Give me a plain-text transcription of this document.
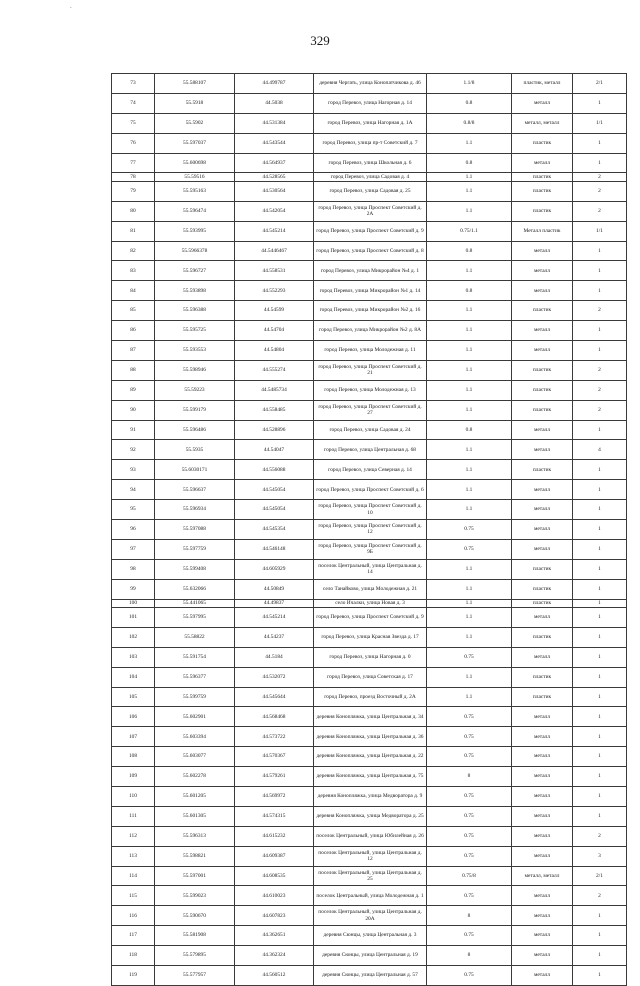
.
329
73	55.588107	44.499787	деревня Чергать, улица Конопатчикова д. 46	1.1/8	пластик, металл	2/1
74	55.5918	44.5038	город Перевоз, улица Нагорная д. 14	0.8	металл	1
75	55.5902	44.531384	город Перевоз, улица Нагорная д. 1А	0.8/8	металл, металл	1/1
76	55.597037	44.543544	город Перевоз, улица пр-т Советский д. 7	1.1	пластик	1
77	55.600698	44.564937	город Перевоз, улица Школьная д. 6	0.8	металл	1
78	55.59516	44.528565	город Перевоз, улица Садовая д. 4	1.1	пластик	2
79	55.595163	44.530564	город Перевоз, улица Садовая д. 25	1.1	пластик	2
80	55.596474	44.542054	город Перевоз, улица Проспект Советский д. 2А	1.1	пластик	2
81	55.593995	44.545214	город Перевоз, улица Проспект Советский д. 9	0.75/1.1	Металл пластик	1/1
82	55.5966378	44.5446467	город Перевоз, улица Проспект Советский д. 8	0.8	металл	1
83	55.596727	44.558531	город Перевоз, улица Микрорайон №4 д. 1	1.1	металл	1
84	55.593898	44.552293	город Перевоз, улица Микрорайон №1 д. 14	0.8	металл	1
85	55.596388	44.54599	город Перевоз, улица Микрорайон №2 д. 16	1.1	пластик	2
86	55.595725	44.54704	город Перевоз, улица Микрорайон №2 д. 8А	1.1	металл	1
87	55.593553	44.54804	город Перевоз, улица Молодежная д. 11	1.1	металл	1
88	55.598946	44.555274	город Перевоз, улица Проспект Советский д. 21	1.1	пластик	2
89	55.59223	44.5485734	город Перевоз, улица Молодежная д. 13	1.1	пластик	2
90	55.599179	44.558485	город Перевоз, улица Проспект Советский д. 27	1.1	пластик	2
91	55.596486	44.528896	город Перевоз, улица Садовая д. 24	0.8	металл	1
92	55.5935	44.54047	город Перевоз, улица Центральная д. 68	1.1	металл	4
93	55.6030171	44.556088	город Перевоз, улица Северная д. 14	1.1	пластик	1
94	55.596637	44.545054	город Перевоз, улица Проспект Советский д. 6	1.1	металл	1
95	55.596934	44.545054	город Перевоз, улица Проспект Советский д. 10	1.1	металл	1
96	55.597088	44.545354	город Перевоз, улица Проспект Советский д. 12	0.75	металл	1
97	55.597759	44.546148	город Перевоз, улица Проспект Советский д. 9Б	0.75	металл	1
98	55.599408	44.605929	поселок Центральный, улица Центральная д. 14	1.1	пластик	1
99	55.632066	44.50849	село Танайково, улица Молодежная д. 21	1.1	пластик	1
100	55.441065	44.49837	село Ичалки, улица Новая д. 3	1.1	пластик	1
101	55.597995	44.545214	город Перевоз, улица Проспект Советский д. 9	1.1	металл	1
102	55.58822	44.54237	город Перевоз, улица Красная Звезда д. 17	1.1	пластик	1
103	55.591754	44.5184	город Перевоз, улица Нагорная д. 0	0.75	металл	1
104	55.596377	44.532072	город Перевоз, улица Советская д. 17	1.1	пластик	1
105	55.599759	44.545644	город Перевоз, проезд Восточный д. 2А	1.1	пластик	1
106	55.602901	44.568468	деревня Конопляжка, улица Центральная д. 34	0.75	металл	1
107	55.603394	44.573722	деревня Конопляжка, улица Центральная д. 36	0.75	металл	1
108	55.603077	44.570367	деревня Конопляжка, улица Центральная д. 22	0.75	металл	1
109	55.602278	44.579261	деревня Конопляжка, улица Центральная д. 75	8	металл	1
110	55.601205	44.569972	деревня Конопляжка, улица Медвоpатора д. 9	0.75	металл	1
111	55.601305	44.574315	деревня Конопляжка, улица Медвоpатора д. 25	0.75	металл	1
112	55.596313	44.615232	поселок Центральный, улица Юбилейная д. 26	0.75	металл	2
113	55.598821	44.609387	поселок Центральный, улица Центральная д. 12	0.75	металл	3
114	55.597001	44.608535	поселок Центральный, улица Центральная д. 25	0.75/8	металл, металл	2/1
115	55.599023	44.610023	поселок Центральный, улица Молодежная д. 1	0.75	металл	2
116	55.590670	44.607823	поселок Центральный, улица Центральная д. 20А	8	металл	1
117	55.581908	44.362651	деревня Сюнцы, улица Центральная д. 3	0.75	металл	1
118	55.579895	44.362324	деревня Сюнцы, улица Центральная д. 19	8	металл	1
119	55.577957	44.560512	деревня Сюнцы, улица Центральная д. 57	0.75	металл	1
